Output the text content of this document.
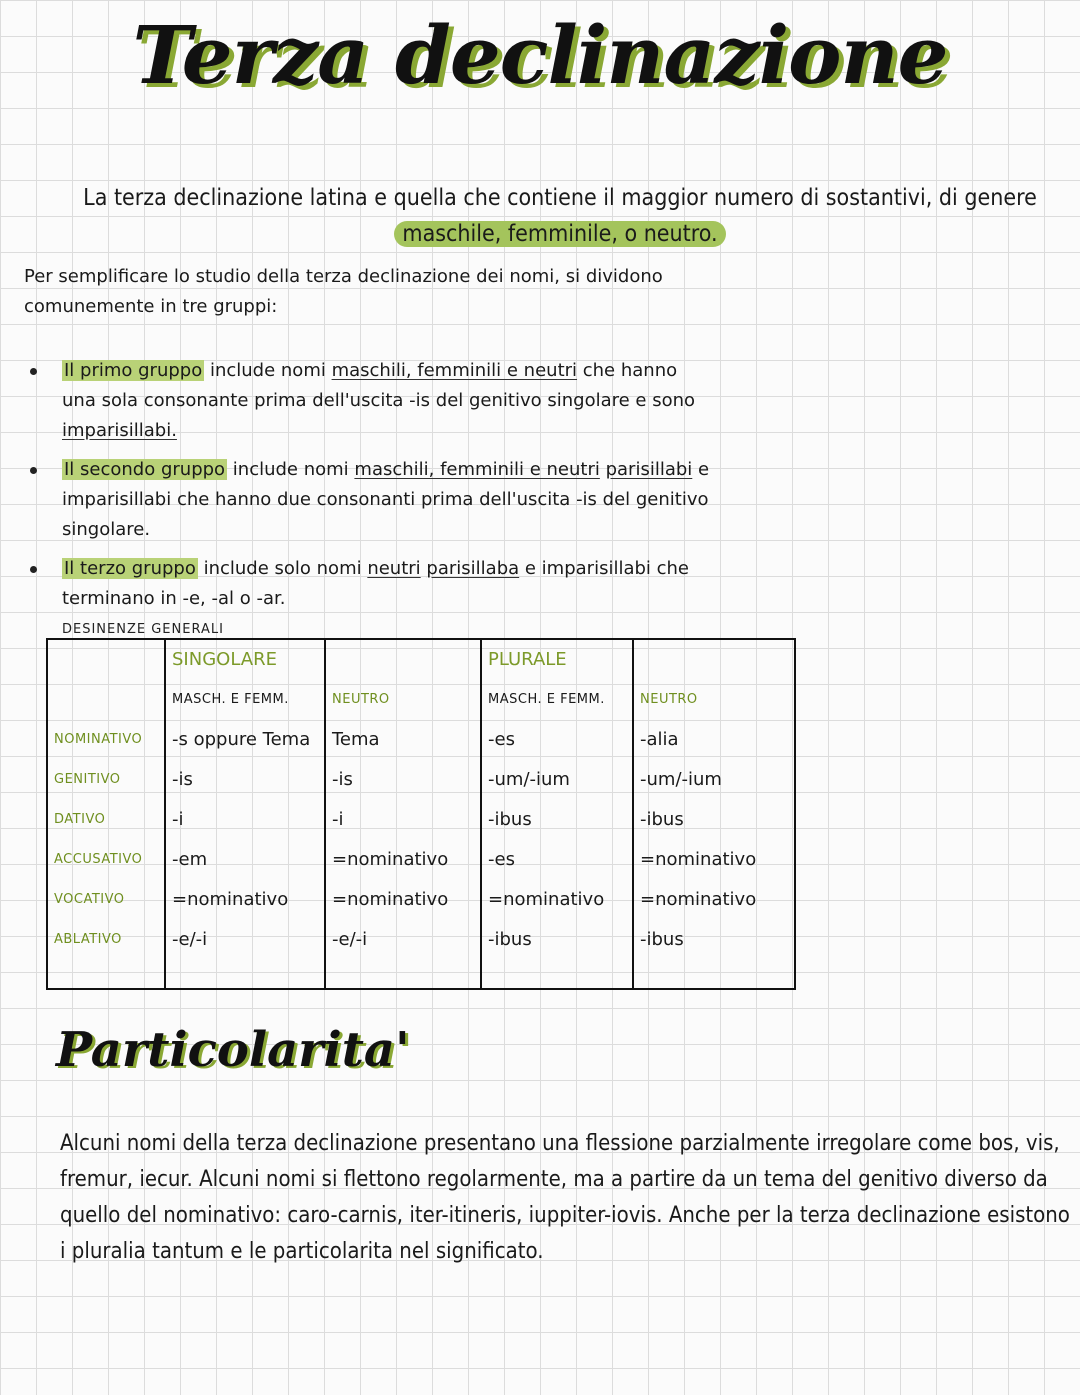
Terza declinazione
La terza declinazione latina e quella che contiene il maggior numero di sostantivi, di genere
maschile, femminile, o neutro.
Per semplificare lo studio della terza declinazione dei nomi, si dividono comunemente in tre gruppi:
Il primo gruppo include nomi maschili, femminili e neutri che hanno una sola consonante prima dell'uscita -is del genitivo singolare e sono imparisillabi.
Il secondo gruppo include nomi maschili, femminili e neutri parisillabi e imparisillabi che hanno due consonanti prima dell'uscita -is del genitivo singolare.
Il terzo gruppo include solo nomi neutri parisillaba e imparisillabi che terminano in -e, -al o -ar.
DESINENZE GENERALI
	SINGOLARE		PLURALE	
	MASCH. E FEMM.	NEUTRO	MASCH. E FEMM.	NEUTRO
NOMINATIVO	-s oppure Tema	Tema	-es	-alia
GENITIVO	-is	-is	-um/-ium	-um/-ium
DATIVO	-i	-i	-ibus	-ibus
ACCUSATIVO	-em	=nominativo	-es	=nominativo
VOCATIVO	=nominativo	=nominativo	=nominativo	=nominativo
ABLATIVO	-e/-i	-e/-i	-ibus	-ibus

Particolarita'
Alcuni nomi della terza declinazione presentano una flessione parzialmente irregolare come bos, vis, fremur, iecur. Alcuni nomi si flettono regolarmente, ma a partire da un tema del genitivo diverso da quello del nominativo: caro-carnis, iter-itineris, iuppiter-iovis. Anche per la terza declinazione esistono i pluralia tantum e le particolarita nel significato.
